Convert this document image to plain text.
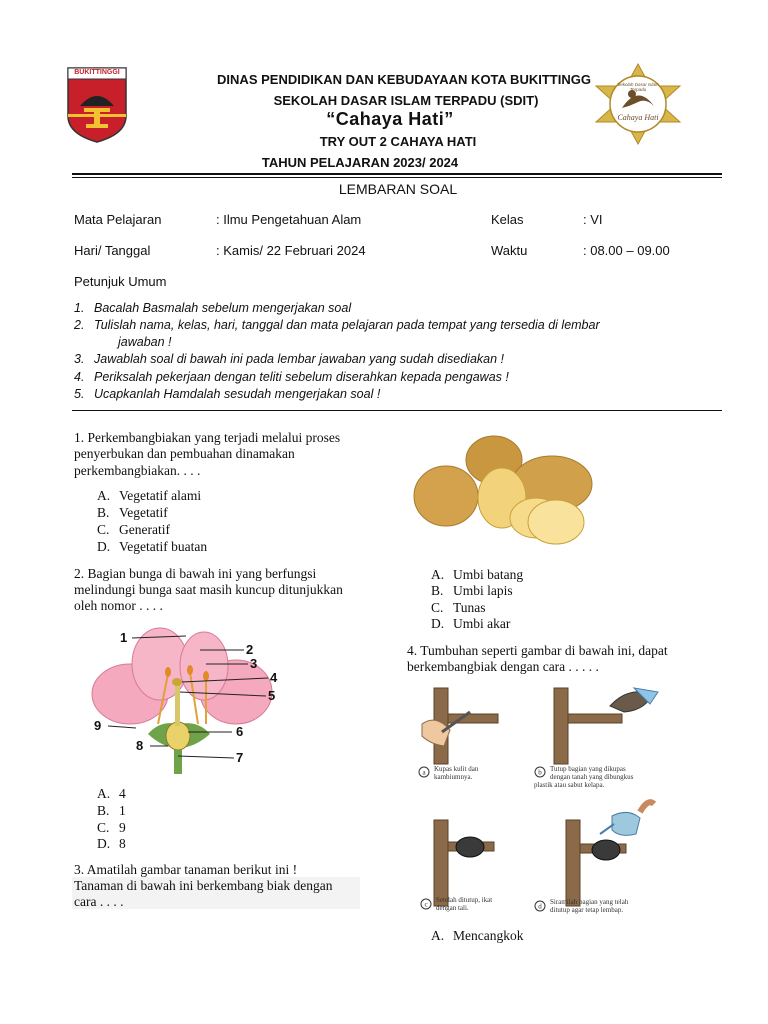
BUKITTINGGI
Sekolah Dasar Islam Terpadu
Cahaya Hati
DINAS PENDIDIKAN DAN KEBUDAYAAN KOTA BUKITTINGG
SEKOLAH DASAR ISLAM TERPADU (SDIT)
“Cahaya Hati”
TRY OUT 2 CAHAYA HATI
TAHUN PELAJARAN 2023/ 2024
LEMBARAN SOAL
Mata Pelajaran	: Ilmu Pengetahuan Alam	Kelas	: VI
Hari/ Tanggal	: Kamis/ 22 Februari 2024	Waktu	: 08.00 – 09.00
Petunjuk Umum
1. Bacalah Basmalah sebelum mengerjakan soal
2. Tulislah nama, kelas, hari, tanggal dan mata pelajaran pada tempat yang tersedia di lembar
jawaban !
3. Jawablah soal di bawah ini pada lembar jawaban yang sudah disediakan !
4. Periksalah pekerjaan dengan teliti sebelum diserahkan kepada pengawas !
5. Ucapkanlah Hamdalah sesudah mengerjakan soal !
1. Perkembangbiakan yang terjadi melalui proses
penyerbukan dan pembuahan dinamakan
perkembangbiakan. . . .
A. Vegetatif alami
B. Vegetatif
C. Generatif
D. Vegetatif buatan
2. Bagian bunga di bawah ini yang berfungsi
melindungi bunga saat masih kuncup ditunjukkan
oleh nomor . . . .
1
2
3
4
5
6
7
8
9
A. 4
B. 1
C. 9
D. 8
3. Amatilah gambar tanaman berikut ini !
Tanaman di bawah ini berkembang biak dengan
cara . . . .
A. Umbi batang
B. Umbi lapis
C. Tunas
D. Umbi akar
4. Tumbuhan seperti gambar di bawah ini, dapat
berkembangbiak dengan cara . . . . .
a	b
c	d
Kupas kulit dan
kambiumnya.
Tutup bagian yang dikupas
dengan tanah yang dibungkus
plastik atau sabut kelapa.
Setelah ditutup, ikat
dengan tali.
Siramilah bagian yang telah
ditutup agar tetap lembap.
A. Mencangkok
